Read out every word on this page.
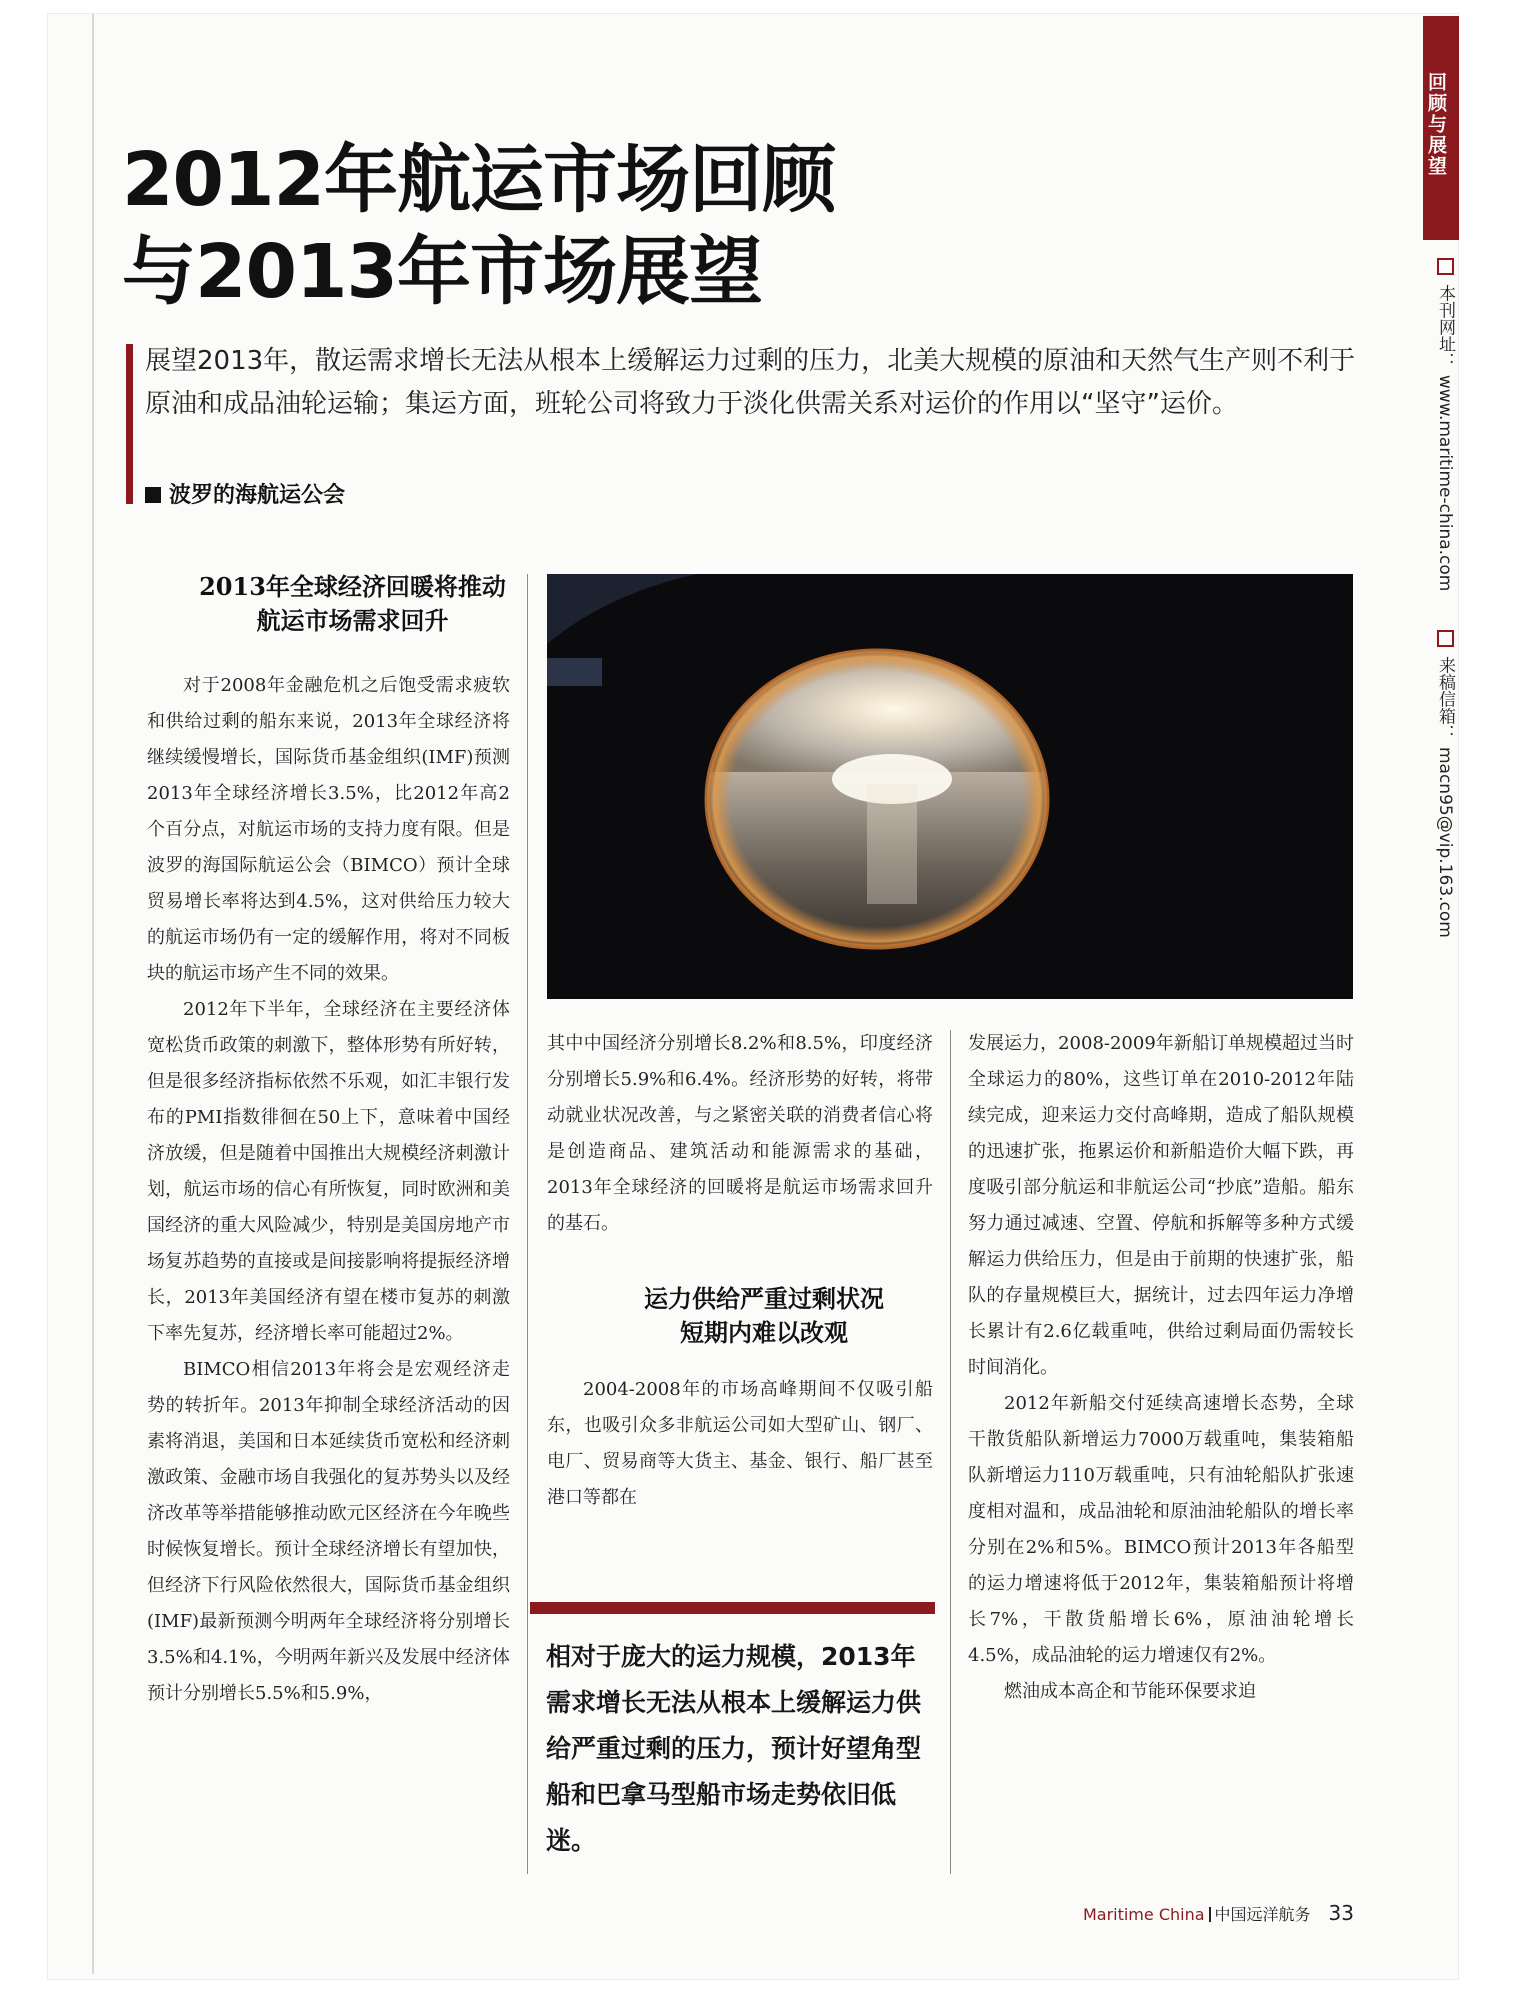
回顾与展望
本刊网址： www.maritime-china.com   来稿信箱： macn95@vip.163.com
2012年航运市场回顾
与2013年市场展望
展望2013年，散运需求增长无法从根本上缓解运力过剩的压力，北美大规模的原油和天然气生产则不利于原油和成品油轮运输；集运方面，班轮公司将致力于淡化供需关系对运价的作用以“坚守”运价。
波罗的海航运公会

2013年全球经济回暖将推动

航运市场需求回升

对于2008年金融危机之后饱受需求疲软和供给过剩的船东来说，2013年全球经济将继续缓慢增长，国际货币基金组织(IMF)预测2013年全球经济增长3.5%，比2012年高2个百分点，对航运市场的支持力度有限。但是波罗的海国际航运公会（BIMCO）预计全球贸易增长率将达到4.5%，这对供给压力较大的航运市场仍有一定的缓解作用，将对不同板块的航运市场产生不同的效果。

2012年下半年，全球经济在主要经济体宽松货币政策的刺激下，整体形势有所好转，但是很多经济指标依然不乐观，如汇丰银行发布的PMI指数徘徊在50上下，意味着中国经济放缓，但是随着中国推出大规模经济刺激计划，航运市场的信心有所恢复，同时欧洲和美国经济的重大风险减少，特别是美国房地产市场复苏趋势的直接或是间接影响将提振经济增长，2013年美国经济有望在楼市复苏的刺激下率先复苏，经济增长率可能超过2%。

BIMCO相信2013年将会是宏观经济走势的转折年。2013年抑制全球经济活动的因素将消退，美国和日本延续货币宽松和经济刺激政策、金融市场自我强化的复苏势头以及经济改革等举措能够推动欧元区经济在今年晚些时候恢复增长。预计全球经济增长有望加快，但经济下行风险依然很大，国际货币基金组织(IMF)最新预测今明两年全球经济将分别增长3.5%和4.1%，今明两年新兴及发展中经济体预计分别增长5.5%和5.9%，

其中中国经济分别增长8.2%和8.5%，印度经济分别增长5.9%和6.4%。经济形势的好转，将带动就业状况改善，与之紧密关联的消费者信心将是创造商品、建筑活动和能源需求的基础，2013年全球经济的回暖将是航运市场需求回升的基石。

运力供给严重过剩状况

短期内难以改观

2004-2008年的市场高峰期间不仅吸引船东，也吸引众多非航运公司如大型矿山、钢厂、电厂、贸易商等大货主、基金、银行、船厂甚至港口等都在

相对于庞大的运力规模，2013年需求增长无法从根本上缓解运力供给严重过剩的压力，预计好望角型船和巴拿马型船市场走势依旧低迷。

发展运力，2008-2009年新船订单规模超过当时全球运力的80%，这些订单在2010-2012年陆续完成，迎来运力交付高峰期，造成了船队规模的迅速扩张，拖累运价和新船造价大幅下跌，再度吸引部分航运和非航运公司“抄底”造船。船东努力通过减速、空置、停航和拆解等多种方式缓解运力供给压力，但是由于前期的快速扩张，船队的存量规模巨大，据统计，过去四年运力净增长累计有2.6亿载重吨，供给过剩局面仍需较长时间消化。

2012年新船交付延续高速增长态势，全球干散货船队新增运力7000万载重吨，集装箱船队新增运力110万载重吨，只有油轮船队扩张速度相对温和，成品油轮和原油油轮船队的增长率分别在2%和5%。BIMCO预计2013年各船型的运力增速将低于2012年，集装箱船预计将增长7%，干散货船增长6%，原油油轮增长4.5%，成品油轮的运力增速仅有2%。

燃油成本高企和节能环保要求迫

Maritime China 中国远洋航务 33
